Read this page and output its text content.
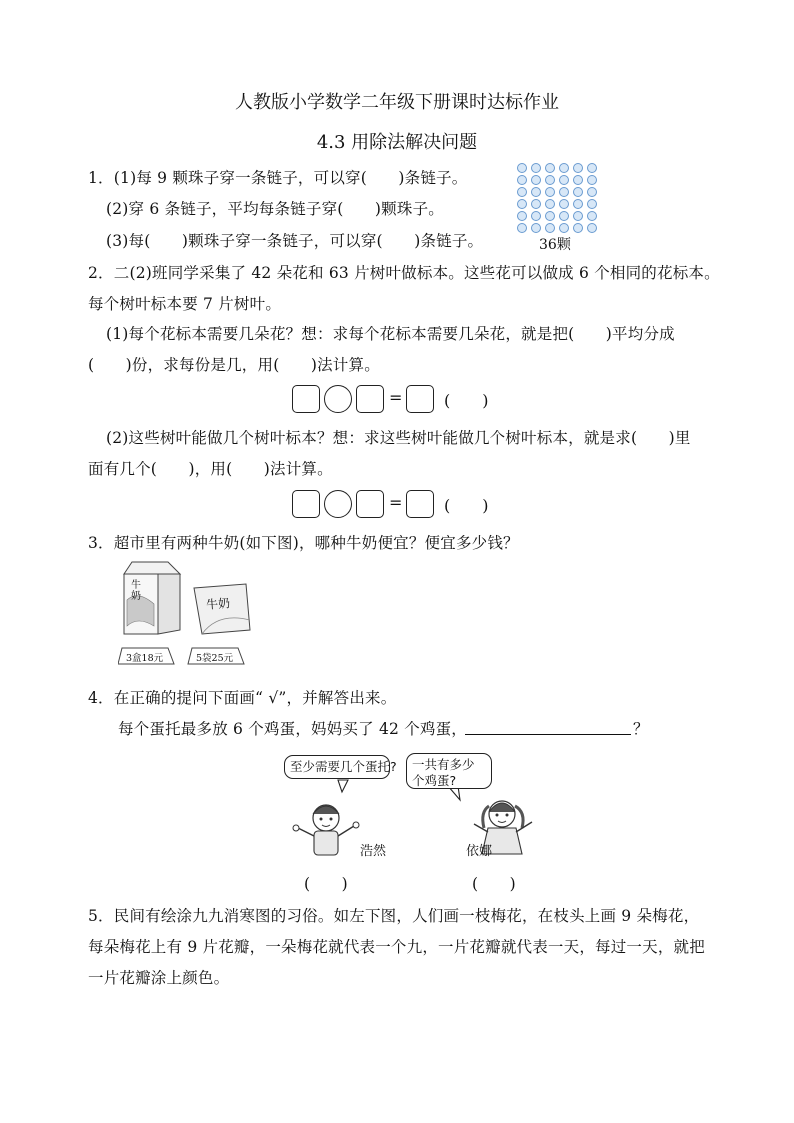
人教版小学数学二年级下册课时达标作业
4.3 用除法解决问题
1．(1)每 9 颗珠子穿一条链子，可以穿(　　)条链子。
(2)穿 6 条链子，平均每条链子穿(　　)颗珠子。
(3)每(　　)颗珠子穿一条链子，可以穿(　　)条链子。	36颗
2．二(2)班同学采集了 42 朵花和 63 片树叶做标本。这些花可以做成 6 个相同的花标本。
每个树叶标本要 7 片树叶。
(1)每个花标本需要几朵花？想：求每个花标本需要几朵花，就是把(　　)平均分成
(　　)份，求每份是几，用(　　)法计算。
=	(　　)
(2)这些树叶能做几个树叶标本？想：求这些树叶能做几个树叶标本，就是求(　　)里
面有几个(　　)，用(　　)法计算。
=	(　　)
3．超市里有两种牛奶(如下图)，哪种牛奶便宜？便宜多少钱？
牛奶	牛奶
3盒18元	5袋25元
4．在正确的提问下面画“ √”，并解答出来。
每个蛋托最多放 6 个鸡蛋，妈妈买了 42 个鸡蛋，	？
至少需要几个蛋托?	一共有多少个鸡蛋?
浩然	依娜
(　　)	(　　)
5．民间有绘涂九九消寒图的习俗。如左下图，人们画一枝梅花，在枝头上画 9 朵梅花，
每朵梅花上有 9 片花瓣，一朵梅花就代表一个九，一片花瓣就代表一天，每过一天，就把
一片花瓣涂上颜色。
